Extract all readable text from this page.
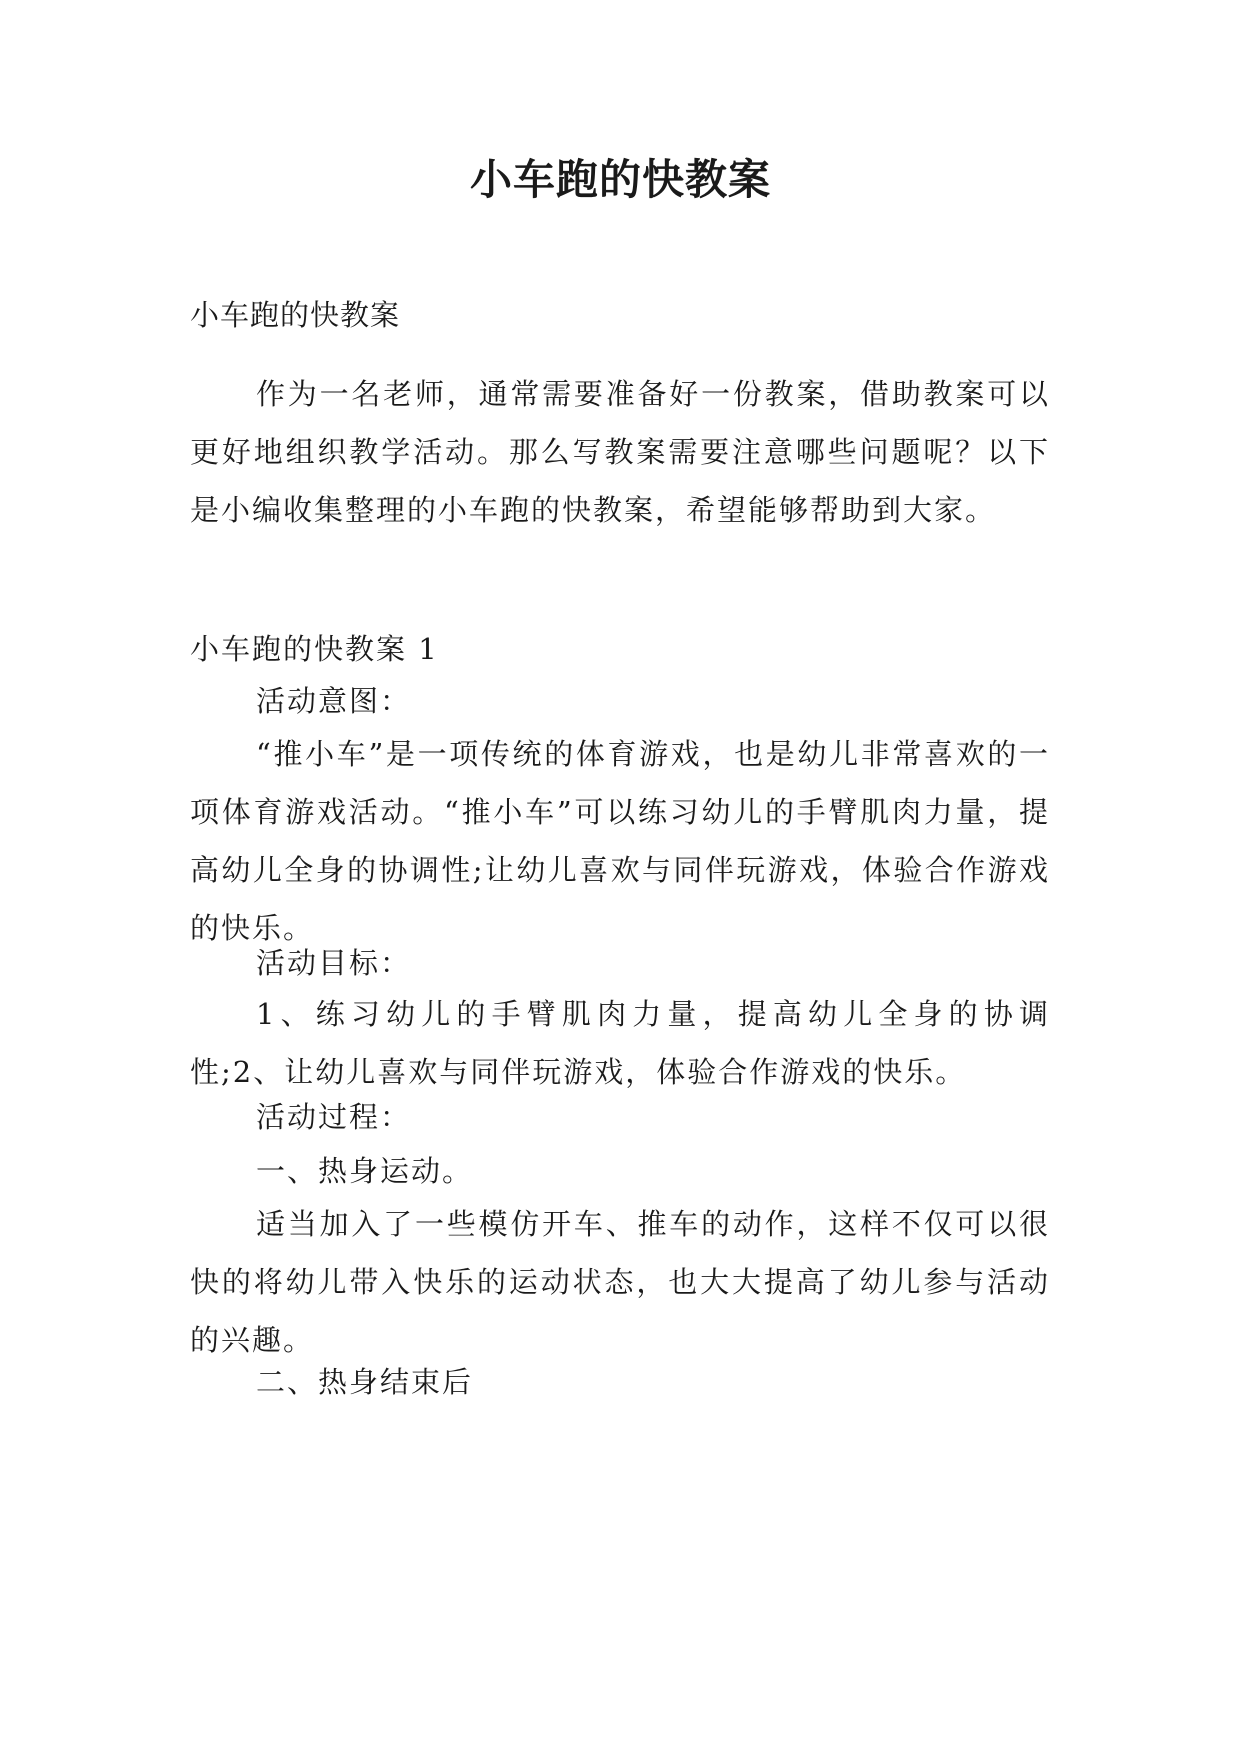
小车跑的快教案

小车跑的快教案

作为一名老师，通常需要准备好一份教案，借助教案可以更好地组织教学活动。那么写教案需要注意哪些问题呢？以下是小编收集整理的小车跑的快教案，希望能够帮助到大家。

小车跑的快教案 1

活动意图：

“推小车”是一项传统的体育游戏，也是幼儿非常喜欢的一项体育游戏活动。“推小车”可以练习幼儿的手臂肌肉力量，提高幼儿全身的协调性;让幼儿喜欢与同伴玩游戏，体验合作游戏的快乐。

活动目标：

1、练习幼儿的手臂肌肉力量，提高幼儿全身的协调性;2、让幼儿喜欢与同伴玩游戏，体验合作游戏的快乐。

活动过程：

一、热身运动。

适当加入了一些模仿开车、推车的动作，这样不仅可以很快的将幼儿带入快乐的运动状态，也大大提高了幼儿参与活动的兴趣。

二、热身结束后
